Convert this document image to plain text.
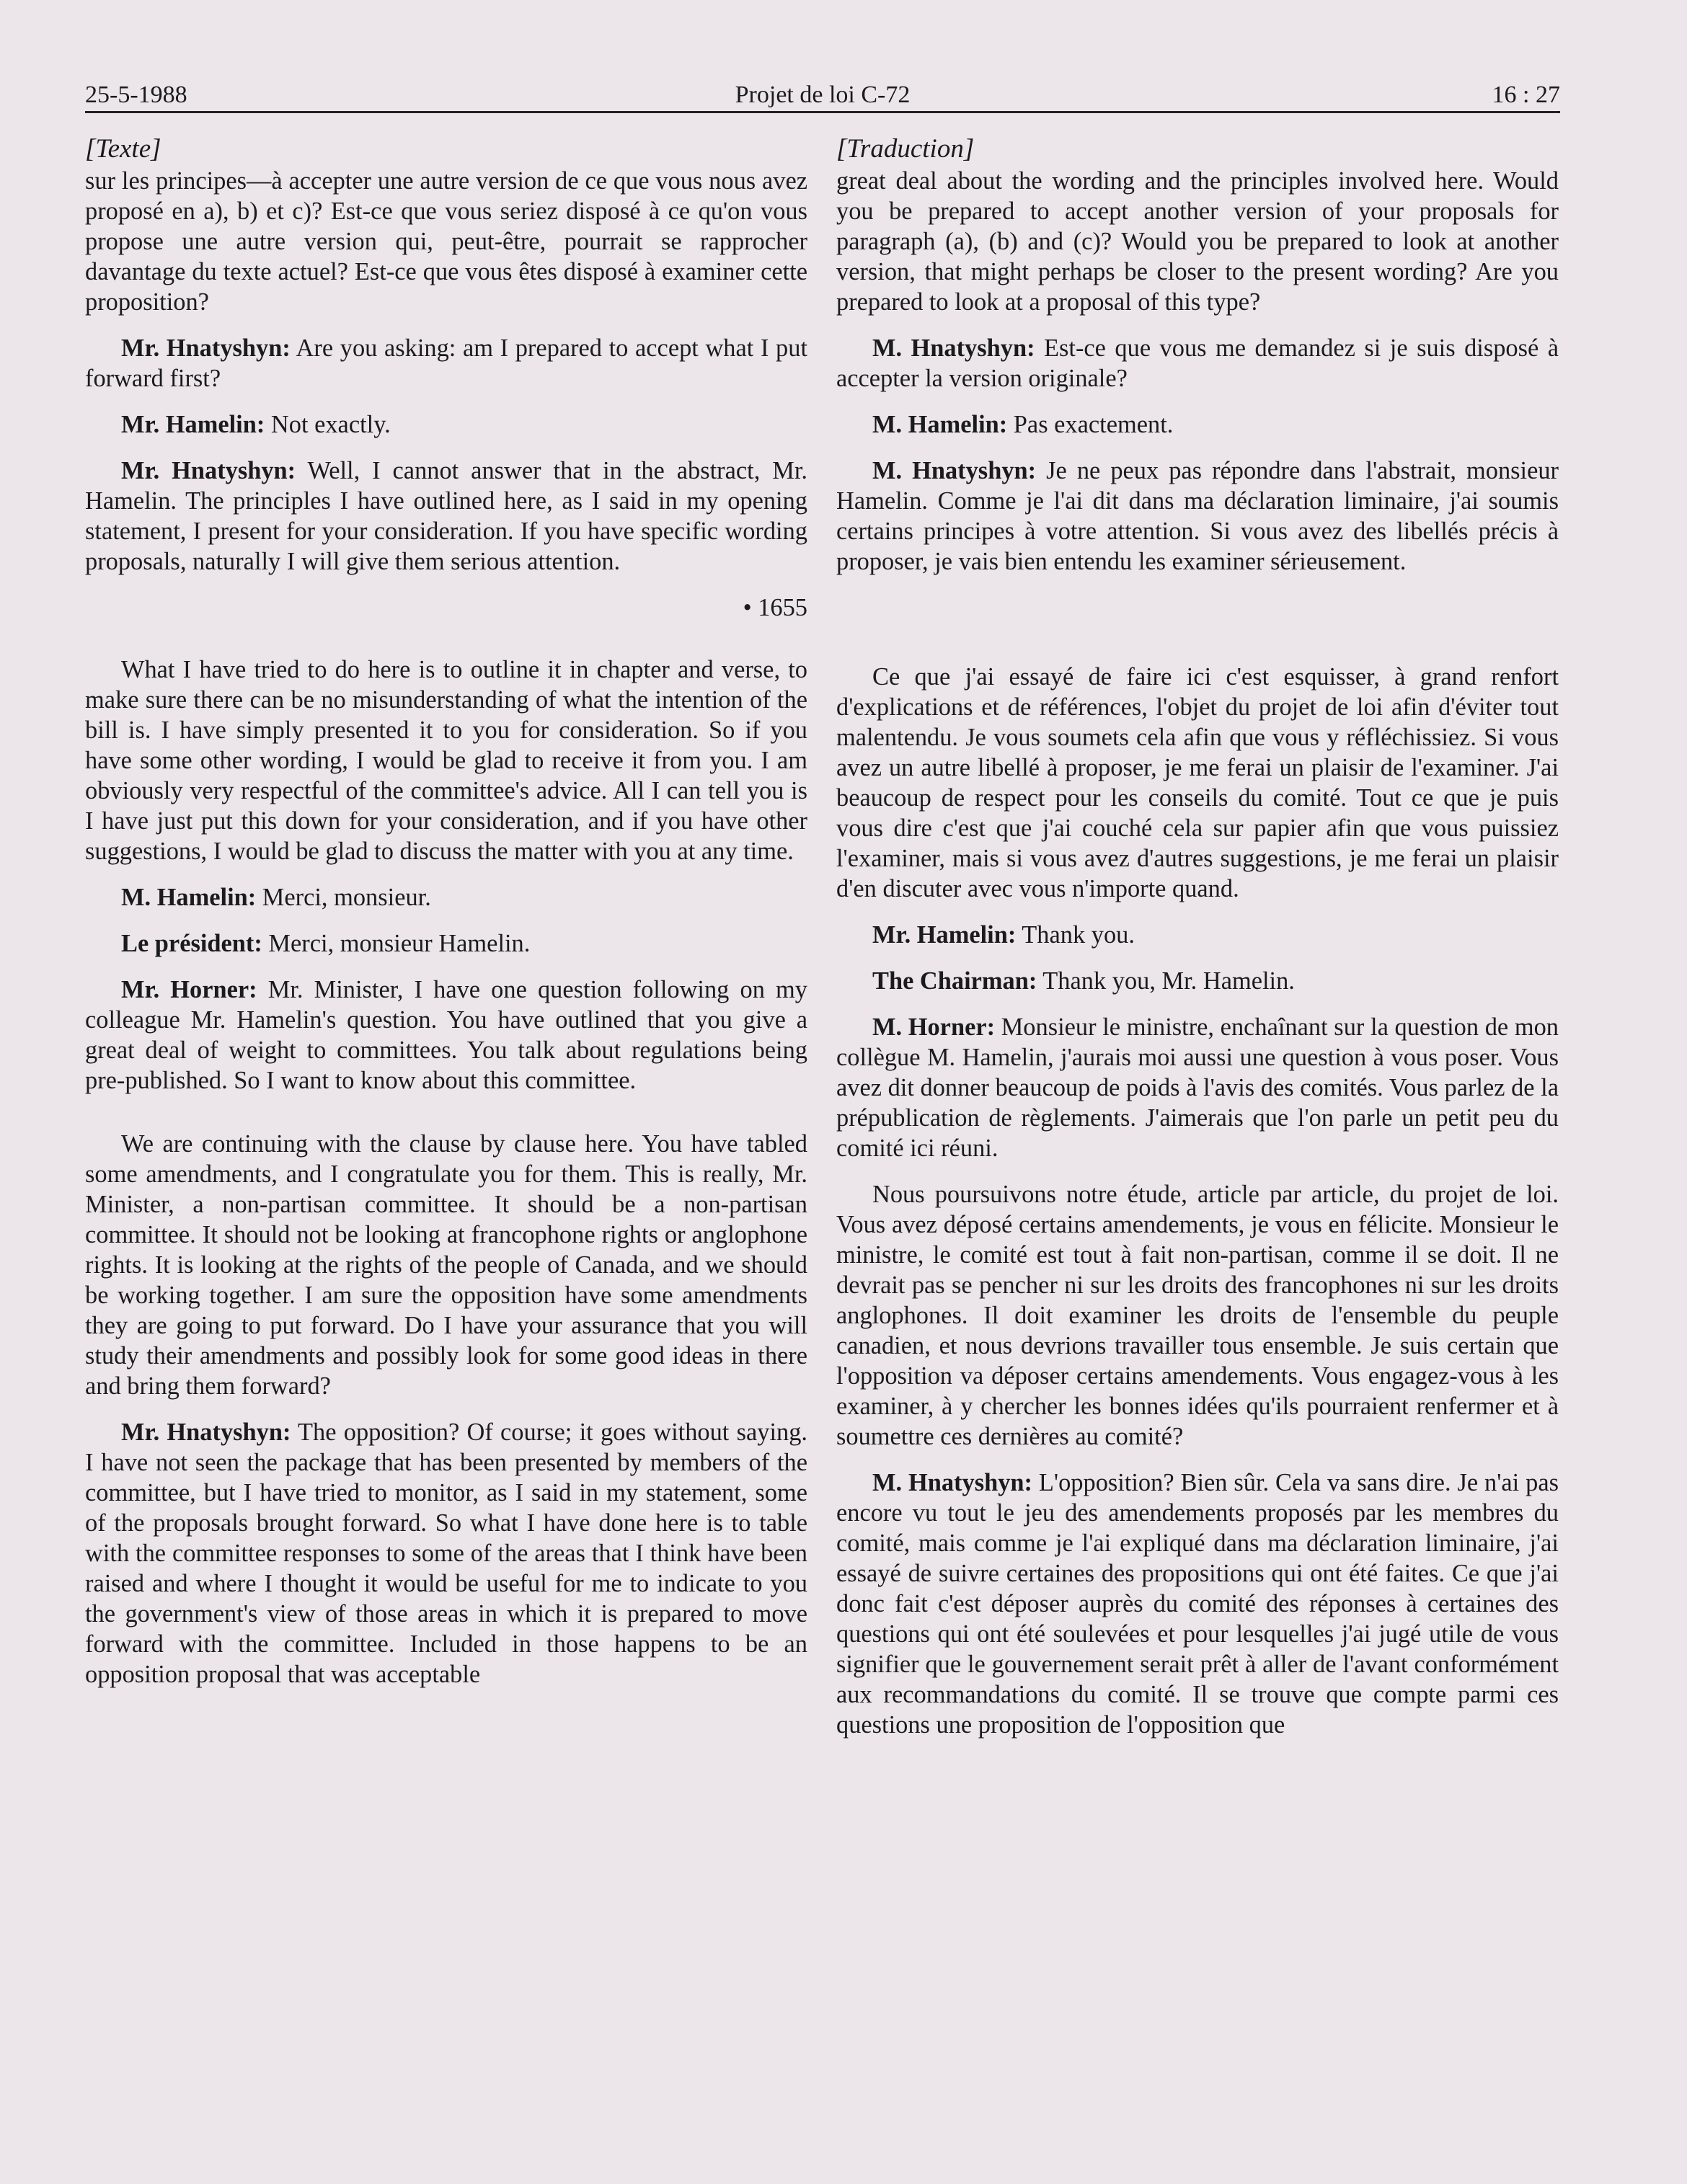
Projet de loi C-72
25-5-1988	16 : 27

[Texte]

sur les principes—à accepter une autre version de ce que vous nous avez proposé en a), b) et c)? Est-ce que vous seriez disposé à ce qu'on vous propose une autre version qui, peut-être, pourrait se rapprocher davantage du texte actuel? Est-ce que vous êtes disposé à examiner cette proposition?

Mr. Hnatyshyn: Are you asking: am I prepared to accept what I put forward first?

Mr. Hamelin: Not exactly.

Mr. Hnatyshyn: Well, I cannot answer that in the abstract, Mr. Hamelin. The principles I have outlined here, as I said in my opening statement, I present for your consideration. If you have specific wording proposals, naturally I will give them serious attention.

• 1655

What I have tried to do here is to outline it in chapter and verse, to make sure there can be no misunderstanding of what the intention of the bill is. I have simply presented it to you for consideration. So if you have some other wording, I would be glad to receive it from you. I am obviously very respectful of the committee's advice. All I can tell you is I have just put this down for your consideration, and if you have other suggestions, I would be glad to discuss the matter with you at any time.

M. Hamelin: Merci, monsieur.

Le président: Merci, monsieur Hamelin.

Mr. Horner: Mr. Minister, I have one question following on my colleague Mr. Hamelin's question. You have outlined that you give a great deal of weight to committees. You talk about regulations being pre-published. So I want to know about this committee.

We are continuing with the clause by clause here. You have tabled some amendments, and I congratulate you for them. This is really, Mr. Minister, a non-partisan committee. It should be a non-partisan committee. It should not be looking at francophone rights or anglophone rights. It is looking at the rights of the people of Canada, and we should be working together. I am sure the opposition have some amendments they are going to put forward. Do I have your assurance that you will study their amendments and possibly look for some good ideas in there and bring them forward?

Mr. Hnatyshyn: The opposition? Of course; it goes without saying. I have not seen the package that has been presented by members of the committee, but I have tried to monitor, as I said in my statement, some of the proposals brought forward. So what I have done here is to table with the committee responses to some of the areas that I think have been raised and where I thought it would be useful for me to indicate to you the government's view of those areas in which it is prepared to move forward with the committee. Included in those happens to be an opposition proposal that was acceptable

[Traduction]

great deal about the wording and the principles involved here. Would you be prepared to accept another version of your proposals for paragraph (a), (b) and (c)? Would you be prepared to look at another version, that might perhaps be closer to the present wording? Are you prepared to look at a proposal of this type?

M. Hnatyshyn: Est-ce que vous me demandez si je suis disposé à accepter la version originale?

M. Hamelin: Pas exactement.

M. Hnatyshyn: Je ne peux pas répondre dans l'abstrait, monsieur Hamelin. Comme je l'ai dit dans ma déclaration liminaire, j'ai soumis certains principes à votre attention. Si vous avez des libellés précis à proposer, je vais bien entendu les examiner sérieusement.

Ce que j'ai essayé de faire ici c'est esquisser, à grand renfort d'explications et de références, l'objet du projet de loi afin d'éviter tout malentendu. Je vous soumets cela afin que vous y réfléchissiez. Si vous avez un autre libellé à proposer, je me ferai un plaisir de l'examiner. J'ai beaucoup de respect pour les conseils du comité. Tout ce que je puis vous dire c'est que j'ai couché cela sur papier afin que vous puissiez l'examiner, mais si vous avez d'autres suggestions, je me ferai un plaisir d'en discuter avec vous n'importe quand.

Mr. Hamelin: Thank you.

The Chairman: Thank you, Mr. Hamelin.

M. Horner: Monsieur le ministre, enchaînant sur la question de mon collègue M. Hamelin, j'aurais moi aussi une question à vous poser. Vous avez dit donner beaucoup de poids à l'avis des comités. Vous parlez de la prépublication de règlements. J'aimerais que l'on parle un petit peu du comité ici réuni.

Nous poursuivons notre étude, article par article, du projet de loi. Vous avez déposé certains amendements, je vous en félicite. Monsieur le ministre, le comité est tout à fait non-partisan, comme il se doit. Il ne devrait pas se pencher ni sur les droits des francophones ni sur les droits anglophones. Il doit examiner les droits de l'ensemble du peuple canadien, et nous devrions travailler tous ensemble. Je suis certain que l'opposition va déposer certains amendements. Vous engagez-vous à les examiner, à y chercher les bonnes idées qu'ils pourraient renfermer et à soumettre ces dernières au comité?

M. Hnatyshyn: L'opposition? Bien sûr. Cela va sans dire. Je n'ai pas encore vu tout le jeu des amendements proposés par les membres du comité, mais comme je l'ai expliqué dans ma déclaration liminaire, j'ai essayé de suivre certaines des propositions qui ont été faites. Ce que j'ai donc fait c'est déposer auprès du comité des réponses à certaines des questions qui ont été soulevées et pour lesquelles j'ai jugé utile de vous signifier que le gouvernement serait prêt à aller de l'avant conformément aux recommandations du comité. Il se trouve que compte parmi ces questions une proposition de l'opposition que
